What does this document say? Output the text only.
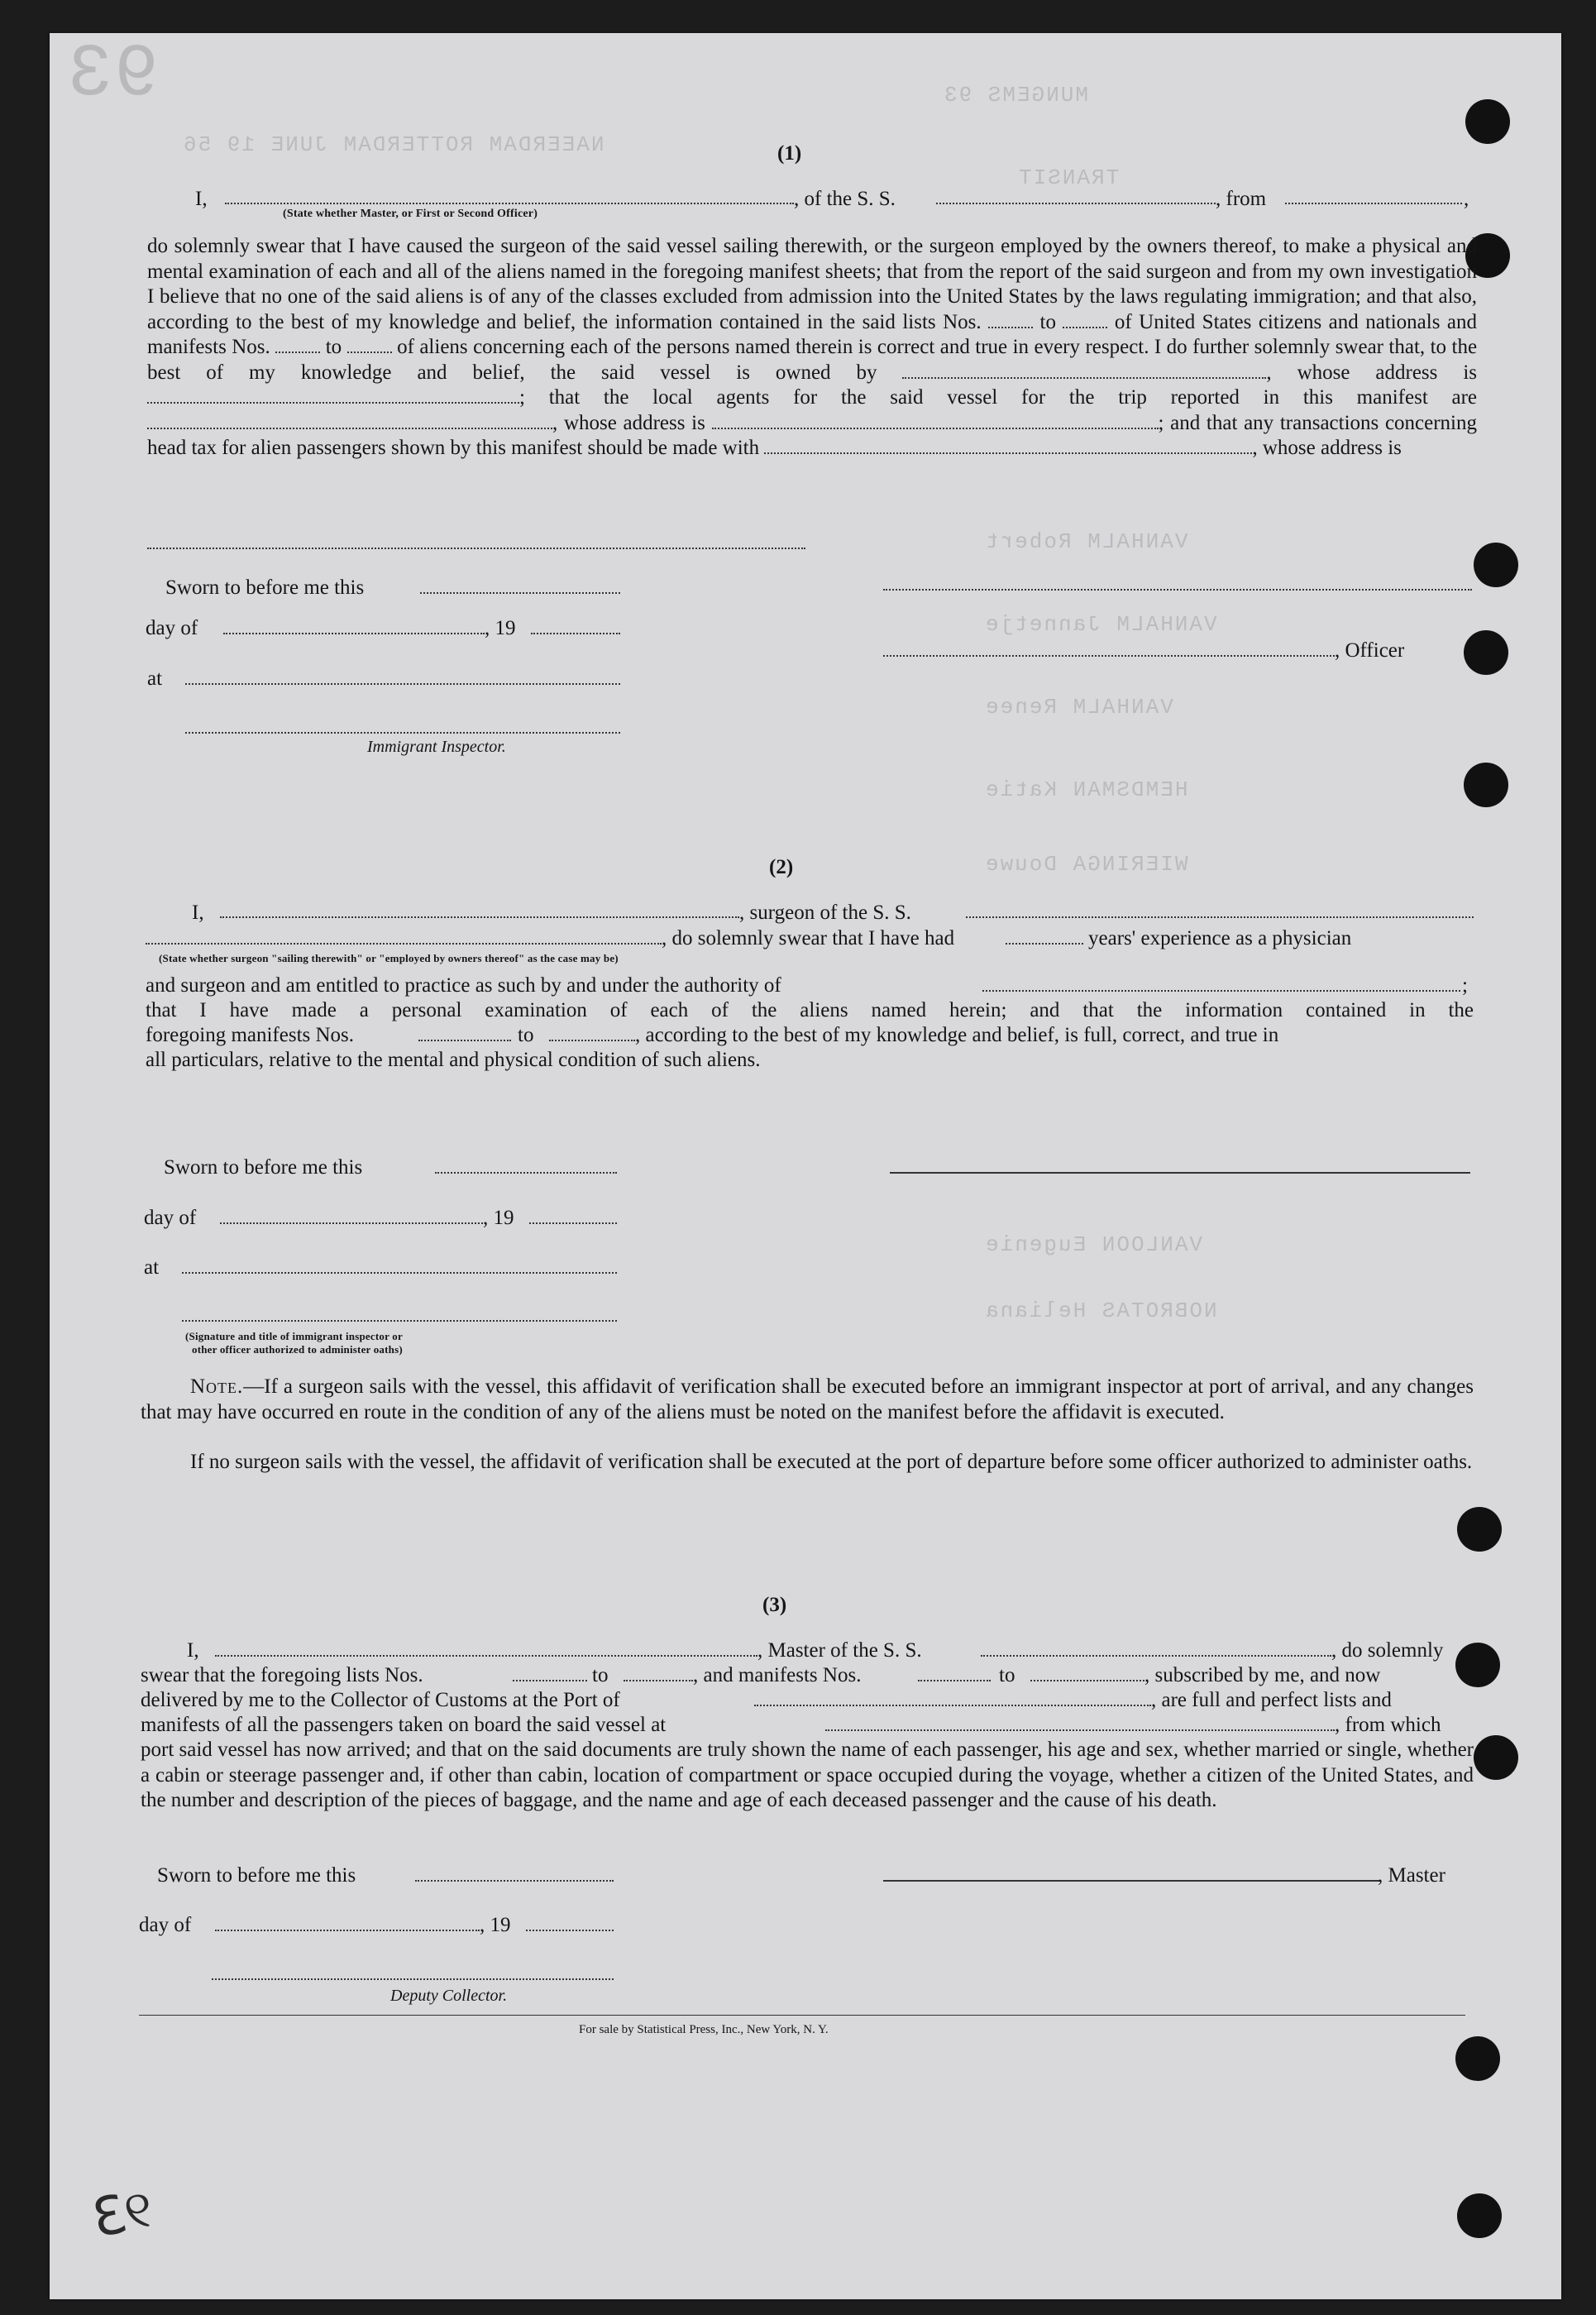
93	MUNGEMS 93
NAEERDAM ROTTERDAM JUNE 19 56
TRANSIT
VANHALM Robert
VANHALM Jannetje
VANHALM Renee
HEMDSMAN Katie
WIERINGA Douwe
VANLOON Eugenie
NOBROTAS Heliana
(1)
I,
(State whether Master, or First or Second Officer)
, of the S. S.	, from	,
do solemnly swear that I have caused the surgeon of the said vessel sailing therewith, or the surgeon employed by the owners thereof, to make a physical and mental examination of each and all of the aliens named in the foregoing manifest sheets; that from the report of the said surgeon and from my own investigation I believe that no one of the said aliens is of any of the classes excluded from admission into the United States by the laws regulating immigration; and that also, according to the best of my knowledge and belief, the information contained in the said lists Nos.	to	of United States citizens and nationals and manifests Nos.	to	of aliens concerning each of the persons named therein is correct and true in every respect. I do further solemnly swear that, to the best of my knowledge and belief, the said vessel is owned by	, whose address is ; that the local agents for the said vessel for the trip reported in this manifest are , whose address is	; and that any transactions concerning head tax for alien passengers shown by this manifest should be made with	, whose address is
Sworn to before me this
day of	, 19
, Officer
at
Immigrant Inspector.
(2)
I,	, surgeon of the S. S.
, do solemnly swear that I have had	years' experience as a physician
(State whether surgeon "sailing therewith" or "employed by owners thereof" as the case may be)
and surgeon and am entitled to practice as such by and under the authority of	;
that I have made a personal examination of each of the aliens named herein; and that the information contained in the
foregoing manifests Nos.	to	, according to the best of my knowledge and belief, is full, correct, and true in
all particulars, relative to the mental and physical condition of such aliens.
Sworn to before me this
day of	, 19
at
(Signature and title of immigrant inspector or
other officer authorized to administer oaths)
Note.—If a surgeon sails with the vessel, this affidavit of verification shall be executed before an immigrant inspector at port of arrival, and any changes that may have occurred en route in the condition of any of the aliens must be noted on the manifest before the affidavit is executed.
If no surgeon sails with the vessel, the affidavit of verification shall be executed at the port of departure before some officer authorized to administer oaths.
(3)
I,	, Master of the S. S.	, do solemnly
swear that the foregoing lists Nos.	to	, and manifests Nos.	to	, subscribed by me, and now
delivered by me to the Collector of Customs at the Port of	, are full and perfect lists and
manifests of all the passengers taken on board the said vessel at	, from which
port said vessel has now arrived; and that on the said documents are truly shown the name of each passenger, his age and sex, whether married or single, whether a cabin or steerage passenger and, if other than cabin, location of compartment or space occupied during the voyage, whether a citizen of the United States, and the number and description of the pieces of baggage, and the name and age of each deceased passenger and the cause of his death.
Sworn to before me this	, Master
day of	, 19
Deputy Collector.
For sale by Statistical Press, Inc., New York, N. Y.
Ɛ୧
